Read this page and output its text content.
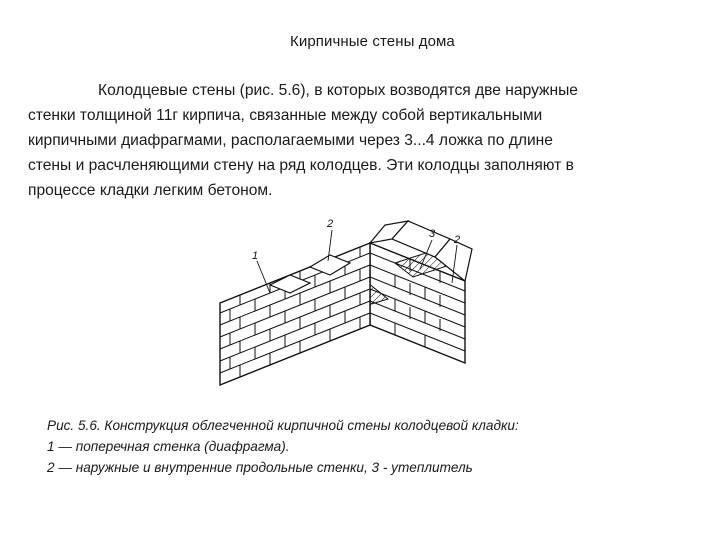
Кирпичные стены дома
Колодцевые стены (рис. 5.6), в которых возводятся две наружные
стенки толщиной 11г кирпича, связанные между собой вертикальными
кирпичными диафрагмами, располагаемыми через 3...4 ложка по длине
стены и расчленяющими стену на ряд колодцев. Эти колодцы заполняют в
процессе кладки легким бетоном.
1
2
3 2
Рис. 5.6. Конструкция облегченной кирпичной стены колодцевой кладки:
1 — поперечная стенка (диафрагма).
2 — наружные и внутренние продольные стенки, 3 - утеплитель
